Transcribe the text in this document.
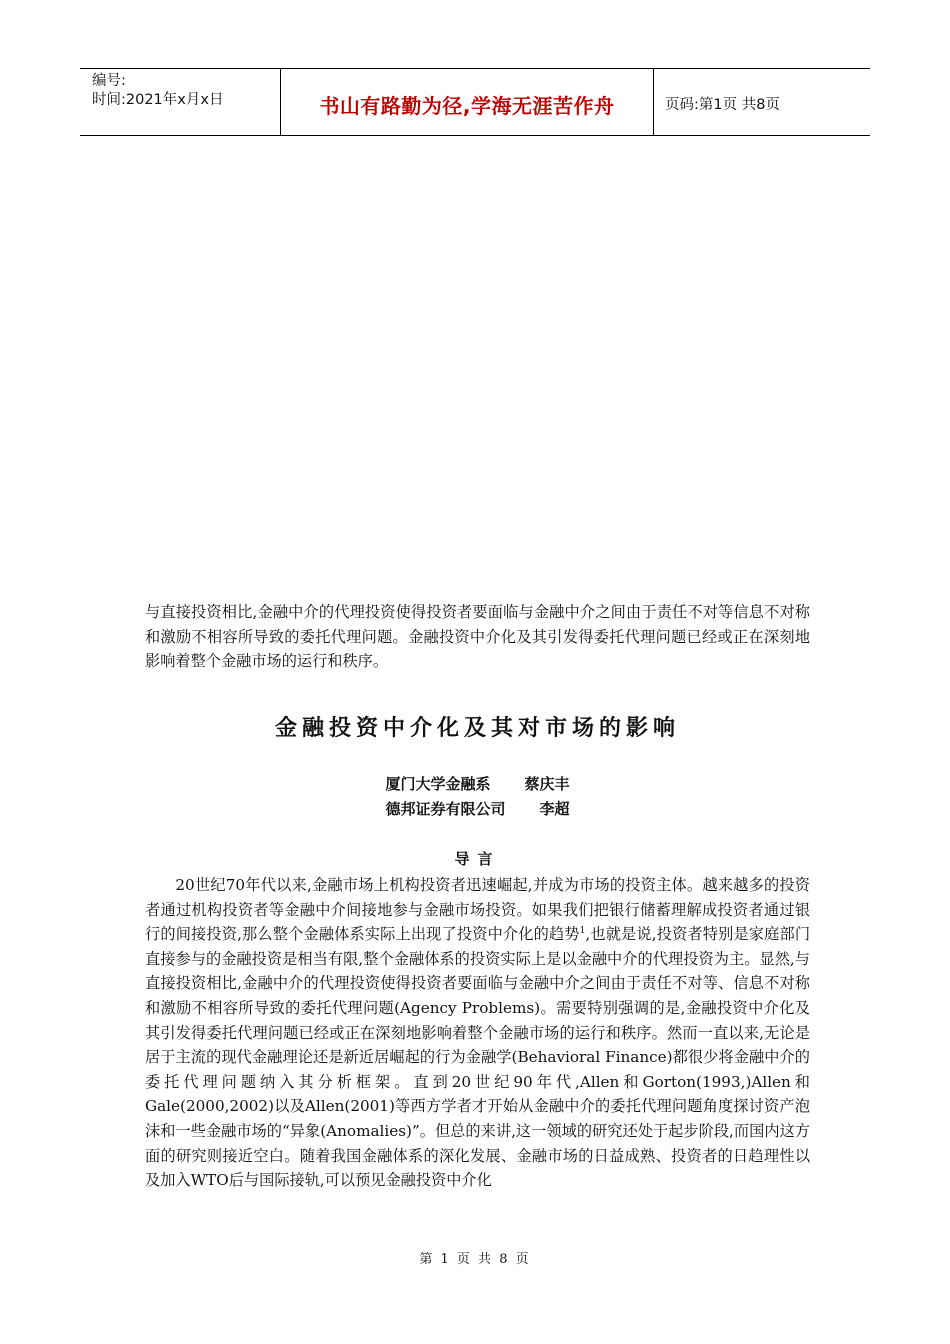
编号:
时间:2021年x月x日	书山有路勤为径,学海无涯苦作舟	页码:第1页 共8页

与直接投资相比,金融中介的代理投资使得投资者要面临与金融中介之间由于责任不对等信息不对称和激励不相容所导致的委托代理问题。金融投资中介化及其引发得委托代理问题已经或正在深刻地影响着整个金融市场的运行和秩序。

金融投资中介化及其对市场的影响
厦门大学金融系 蔡庆丰
德邦证券有限公司 李超
导言

20世纪70年代以来,金融市场上机构投资者迅速崛起,并成为市场的投资主体。越来越多的投资者通过机构投资者等金融中介间接地参与金融市场投资。如果我们把银行储蓄理解成投资者通过银行的间接投资,那么整个金融体系实际上出现了投资中介化的趋势$^1$,也就是说,投资者特别是家庭部门直接参与的金融投资是相当有限,整个金融体系的投资实际上是以金融中介的代理投资为主。显然,与直接投资相比,金融中介的代理投资使得投资者要面临与金融中介之间由于责任不对等、信息不对称和激励不相容所导致的委托代理问题(Agency Problems)。需要特别强调的是,金融投资中介化及其引发得委托代理问题已经或正在深刻地影响着整个金融市场的运行和秩序。然而一直以来,无论是居于主流的现代金融理论还是新近居崛起的行为金融学(Behavioral Finance)都很少将金融中介的委托代理问题纳入其分析框架。直到20世纪90年代,Allen和Gorton(1993,)Allen和Gale(2000,2002)以及Allen(2001)等西方学者才开始从金融中介的委托代理问题角度探讨资产泡沫和一些金融市场的“异象(Anomalies)”。但总的来讲,这一领域的研究还处于起步阶段,而国内这方面的研究则接近空白。随着我国金融体系的深化发展、金融市场的日益成熟、投资者的日趋理性以及加入WTO后与国际接轨,可以预见金融投资中介化

第 1 页 共 8 页
